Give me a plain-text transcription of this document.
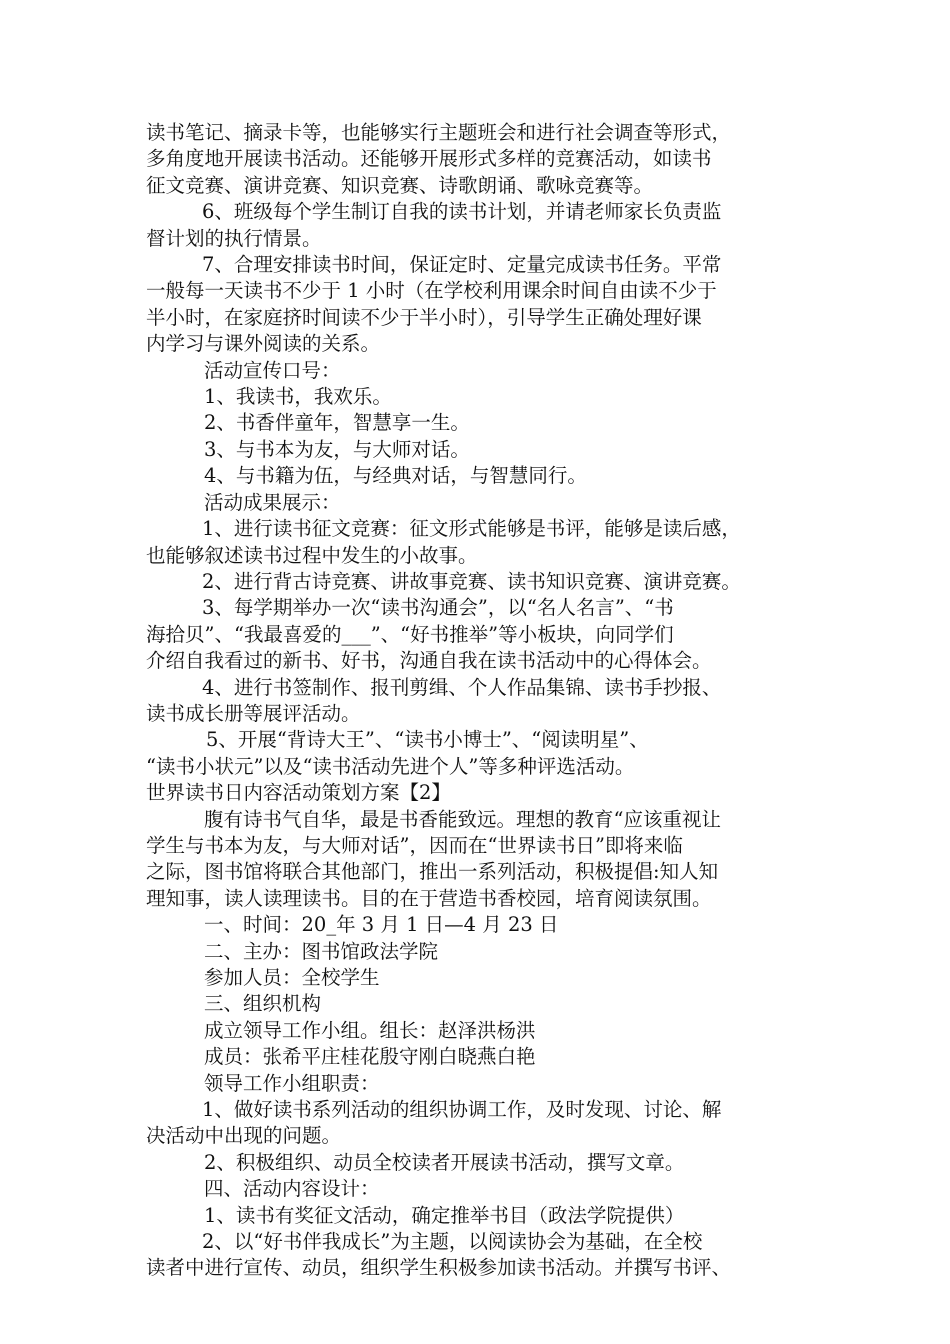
读书笔记、摘录卡等，也能够实行主题班会和进行社会调查等形式，

多角度地开展读书活动。还能够开展形式多样的竞赛活动，如读书

征文竞赛、演讲竞赛、知识竞赛、诗歌朗诵、歌咏竞赛等。

6、班级每个学生制订自我的读书计划，并请老师家长负责监

督计划的执行情景。

7、合理安排读书时间，保证定时、定量完成读书任务。平常

一般每一天读书不少于 1 小时（在学校利用课余时间自由读不少于

半小时，在家庭挤时间读不少于半小时），引导学生正确处理好课

内学习与课外阅读的关系。

活动宣传口号：

1、我读书，我欢乐。

2、书香伴童年，智慧享一生。

3、与书本为友，与大师对话。

4、与书籍为伍，与经典对话，与智慧同行。

活动成果展示：

1、进行读书征文竞赛：征文形式能够是书评，能够是读后感，

也能够叙述读书过程中发生的小故事。

2、进行背古诗竞赛、讲故事竞赛、读书知识竞赛、演讲竞赛。

3、每学期举办一次“读书沟通会”，以“名人名言”、“书

海拾贝”、“我最喜爱的___”、“好书推举”等小板块，向同学们

介绍自我看过的新书、好书，沟通自我在读书活动中的心得体会。

4、进行书签制作、报刊剪缉、个人作品集锦、读书手抄报、

读书成长册等展评活动。

5、开展“背诗大王”、“读书小博士”、“阅读明星”、

“读书小状元”以及“读书活动先进个人”等多种评选活动。

世界读书日内容活动策划方案【2】

腹有诗书气自华，最是书香能致远。理想的教育“应该重视让

学生与书本为友，与大师对话”，因而在“世界读书日”即将来临

之际，图书馆将联合其他部门，推出一系列活动，积极提倡:知人知

理知事，读人读理读书。目的在于营造书香校园，培育阅读氛围。

一、时间：20_年 3 月 1 日—4 月 23 日

二、主办：图书馆政法学院

参加人员：全校学生

三、组织机构

成立领导工作小组。组长：赵泽洪杨洪

成员：张希平庄桂花殷守刚白晓燕白艳

领导工作小组职责：

1、做好读书系列活动的组织协调工作，及时发现、讨论、解

决活动中出现的问题。

2、积极组织、动员全校读者开展读书活动，撰写文章。

四、活动内容设计：

1、读书有奖征文活动，确定推举书目（政法学院提供）

2、以“好书伴我成长”为主题，以阅读协会为基础，在全校

读者中进行宣传、动员，组织学生积极参加读书活动。并撰写书评、
